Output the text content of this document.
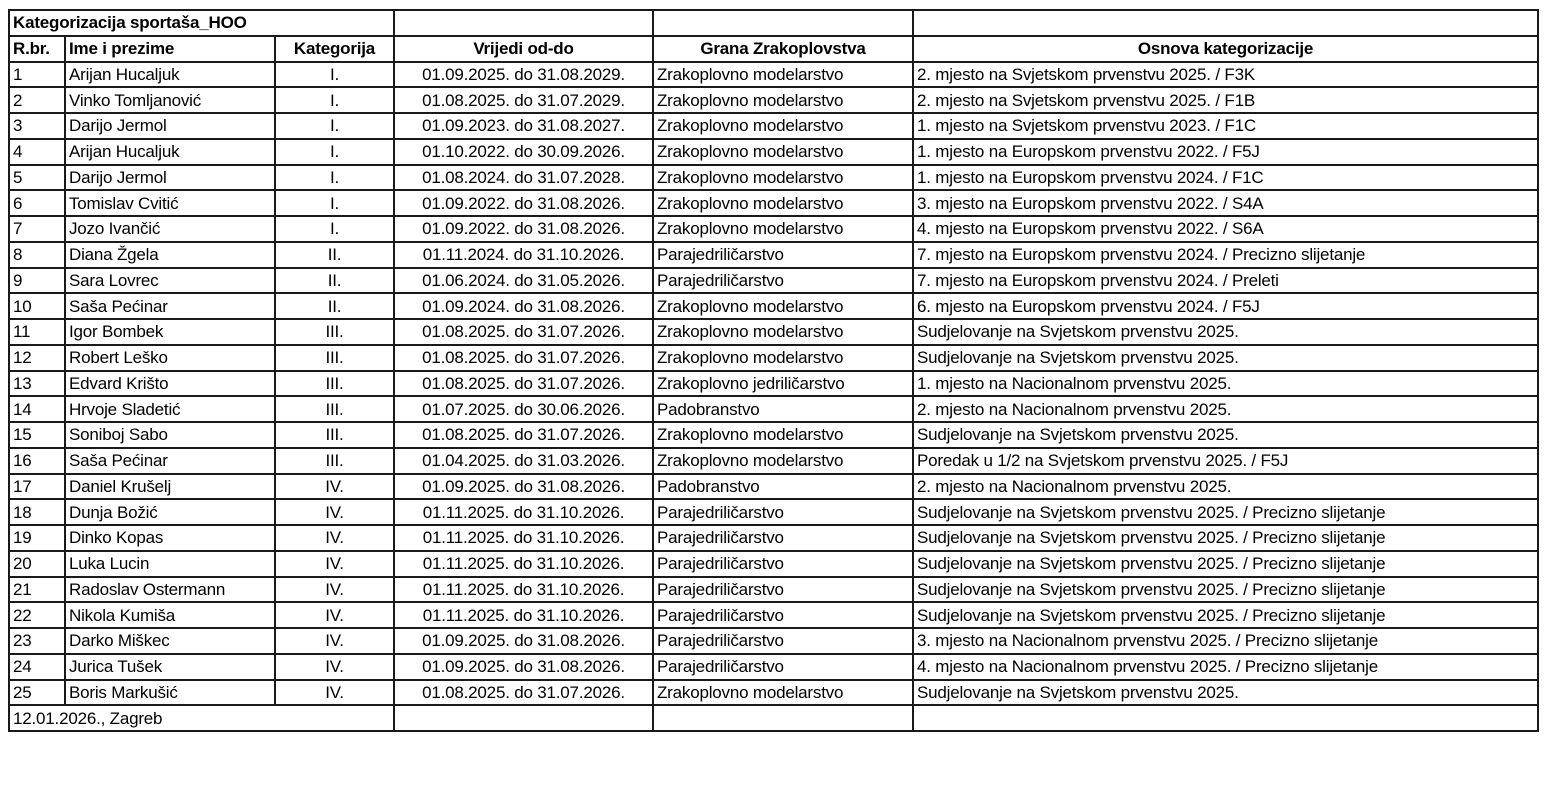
Kategorizacija sportaša_HOO					
R.br.	Ime i prezime	Kategorija	Vrijedi od-do	Grana Zrakoplovstva	Osnova kategorizacije
1	Arijan Hucaljuk	I.	01.09.2025. do 31.08.2029.	Zrakoplovno modelarstvo	2. mjesto na Svjetskom prvenstvu 2025. / F3K
2	Vinko Tomljanović	I.	01.08.2025. do 31.07.2029.	Zrakoplovno modelarstvo	2. mjesto na Svjetskom prvenstvu 2025. / F1B
3	Darijo Jermol	I.	01.09.2023. do 31.08.2027.	Zrakoplovno modelarstvo	1. mjesto na Svjetskom prvenstvu 2023. / F1C
4	Arijan Hucaljuk	I.	01.10.2022. do 30.09.2026.	Zrakoplovno modelarstvo	1. mjesto na Europskom prvenstvu 2022. / F5J
5	Darijo Jermol	I.	01.08.2024. do 31.07.2028.	Zrakoplovno modelarstvo	1. mjesto na Europskom prvenstvu 2024. / F1C
6	Tomislav Cvitić	I.	01.09.2022. do 31.08.2026.	Zrakoplovno modelarstvo	3. mjesto na Europskom prvenstvu 2022. / S4A
7	Jozo Ivančić	I.	01.09.2022. do 31.08.2026.	Zrakoplovno modelarstvo	4. mjesto na Europskom prvenstvu 2022. / S6A
8	Diana Žgela	II.	01.11.2024. do 31.10.2026.	Parajedriličarstvo	7. mjesto na Europskom prvenstvu 2024. / Precizno slijetanje
9	Sara Lovrec	II.	01.06.2024. do 31.05.2026.	Parajedriličarstvo	7. mjesto na Europskom prvenstvu 2024. / Preleti
10	Saša Pećinar	II.	01.09.2024. do 31.08.2026.	Zrakoplovno modelarstvo	6. mjesto na Europskom prvenstvu 2024. / F5J
11	Igor Bombek	III.	01.08.2025. do 31.07.2026.	Zrakoplovno modelarstvo	Sudjelovanje na Svjetskom prvenstvu 2025.
12	Robert Leško	III.	01.08.2025. do 31.07.2026.	Zrakoplovno modelarstvo	Sudjelovanje na Svjetskom prvenstvu 2025.
13	Edvard Krišto	III.	01.08.2025. do 31.07.2026.	Zrakoplovno jedriličarstvo	1. mjesto na Nacionalnom prvenstvu 2025.
14	Hrvoje Sladetić	III.	01.07.2025. do 30.06.2026.	Padobranstvo	2. mjesto na Nacionalnom prvenstvu 2025.
15	Soniboj Sabo	III.	01.08.2025. do 31.07.2026.	Zrakoplovno modelarstvo	Sudjelovanje na Svjetskom prvenstvu 2025.
16	Saša Pećinar	III.	01.04.2025. do 31.03.2026.	Zrakoplovno modelarstvo	Poredak u 1/2 na Svjetskom prvenstvu 2025. / F5J
17	Daniel Krušelj	IV.	01.09.2025. do 31.08.2026.	Padobranstvo	2. mjesto na Nacionalnom prvenstvu 2025.
18	Dunja Božić	IV.	01.11.2025. do 31.10.2026.	Parajedriličarstvo	Sudjelovanje na Svjetskom prvenstvu 2025. / Precizno slijetanje
19	Dinko Kopas	IV.	01.11.2025. do 31.10.2026.	Parajedriličarstvo	Sudjelovanje na Svjetskom prvenstvu 2025. / Precizno slijetanje
20	Luka Lucin	IV.	01.11.2025. do 31.10.2026.	Parajedriličarstvo	Sudjelovanje na Svjetskom prvenstvu 2025. / Precizno slijetanje
21	Radoslav Ostermann	IV.	01.11.2025. do 31.10.2026.	Parajedriličarstvo	Sudjelovanje na Svjetskom prvenstvu 2025. / Precizno slijetanje
22	Nikola Kumiša	IV.	01.11.2025. do 31.10.2026.	Parajedriličarstvo	Sudjelovanje na Svjetskom prvenstvu 2025. / Precizno slijetanje
23	Darko Miškec	IV.	01.09.2025. do 31.08.2026.	Parajedriličarstvo	3. mjesto na Nacionalnom prvenstvu 2025. / Precizno slijetanje
24	Jurica Tušek	IV.	01.09.2025. do 31.08.2026.	Parajedriličarstvo	4. mjesto na Nacionalnom prvenstvu 2025. / Precizno slijetanje
25	Boris Markušić	IV.	01.08.2025. do 31.07.2026.	Zrakoplovno modelarstvo	Sudjelovanje na Svjetskom prvenstvu 2025.
12.01.2026., Zagreb					
